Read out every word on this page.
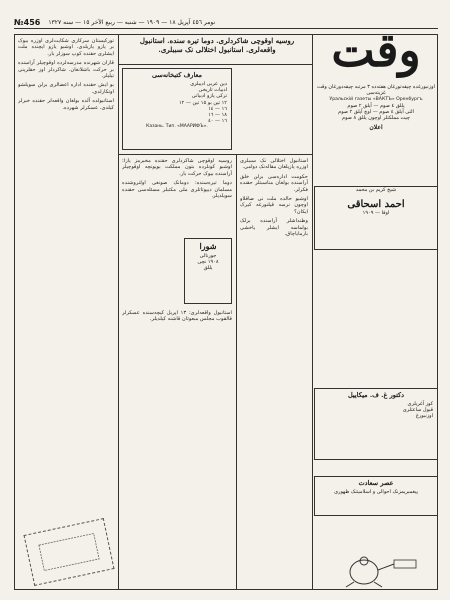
№456 نومر ٤٥٦ آپریل ١٨ — ١٩٠٩ — شنبه — ربیع الآخر ١٥ — سنه ١٣٢٧
وقت
روسیه اوقوچی شاکردلری. دوما تیره سنده. استانبول
واقعه‌لری. استانبول اختلالی نک سببلری.
معارف کتبخانه‌سی
دین عربی ادیبلری
ادبیات تاریخی
ترکی یازو ادبیاتی
١٢ تین بو ١٥ تین — ١٢
١٦ — ١٤
١٨ — ١٦
١٦ — ٤٠
Казань. Тип. «МААРИФЪ».
اوزنبورغده چیقه‌تورغان هفته‌ده ٣ مرتبه چیقه‌دورغان وقت غزیته‌سی
Уральскій газеты «ВАКТЪ» Оренбургъ
يللق ٤ صوم — آيلق ٢ صوم
التی آيلق ٤ صوم — اوچ آيلق ٢ صوم
چیت مملکتلر اوچون يللق ٨ صوم
اعلان
شیخ کریم بن محمد
احمد اسحاقی
اوفا — ١٩٠٩
شورا
جورنالی
١٩٠٨ نچی
یللق
دکتور غ. ف. میکاییل
کوز آغریلری
قبول ساعتلری
اوزنبورغ
عصر سعادت
پیغمبریمزنک احوالی و اسلامیتنک ظهوری

تورکیستان سرکاری شکایت‌لری اوزره بیوک بر یازو یازیلدی. اوشبو یازو ایچنده ملت ایشلری حقنده کوپ سوزلر بار.

قازان شهرنده مدرسه‌لرده اوقوچیلر آراسنده بر حرکت باشلانغان. شاکردلر اوز حقلرینی تیلیلر.

بو ایش حقنده اداره اعضالری برلن سویلشو اوتکارلدی.

استانبولده آلده بولغان واقعه‌لر حقنده خبرلر کیلدی. عسکرلر شهرده.

روسیه اوقوچی شاکردلری حقنده مخبرمز یازا: اوشبو کونلرده بتون مملکت بویونچه اوقوچیلر آراسنده بیوک حرکت بار.

دوما تیره‌سنده: دومانک صونغی اولتروشنده مسلمان دیپوتاتلری ملی مکتبلر مسئله‌سی حقنده سویلدیلر.

استانبول واقعه‌لری: ١٣ آپریل کیچه‌سنده عسکرلر قالقوب مجلس مبعوثان قاشنه کیلدیلر.

استانبول اختلالی نک سببلری اوزره یازیلغان مقاله‌نک دوامی.

حکومت اداره‌سی برلن خلق آراسنده بولغان مناسبتلر حقنده فکرلر.

اوشبو حالده ملت نی صاقلاو اوچون نرسه قیلنورغه کیرک ایکان؟

وطنداشلر آراسنده برلک بولماسه ایشلر یاخشی بارمایاچاق.
